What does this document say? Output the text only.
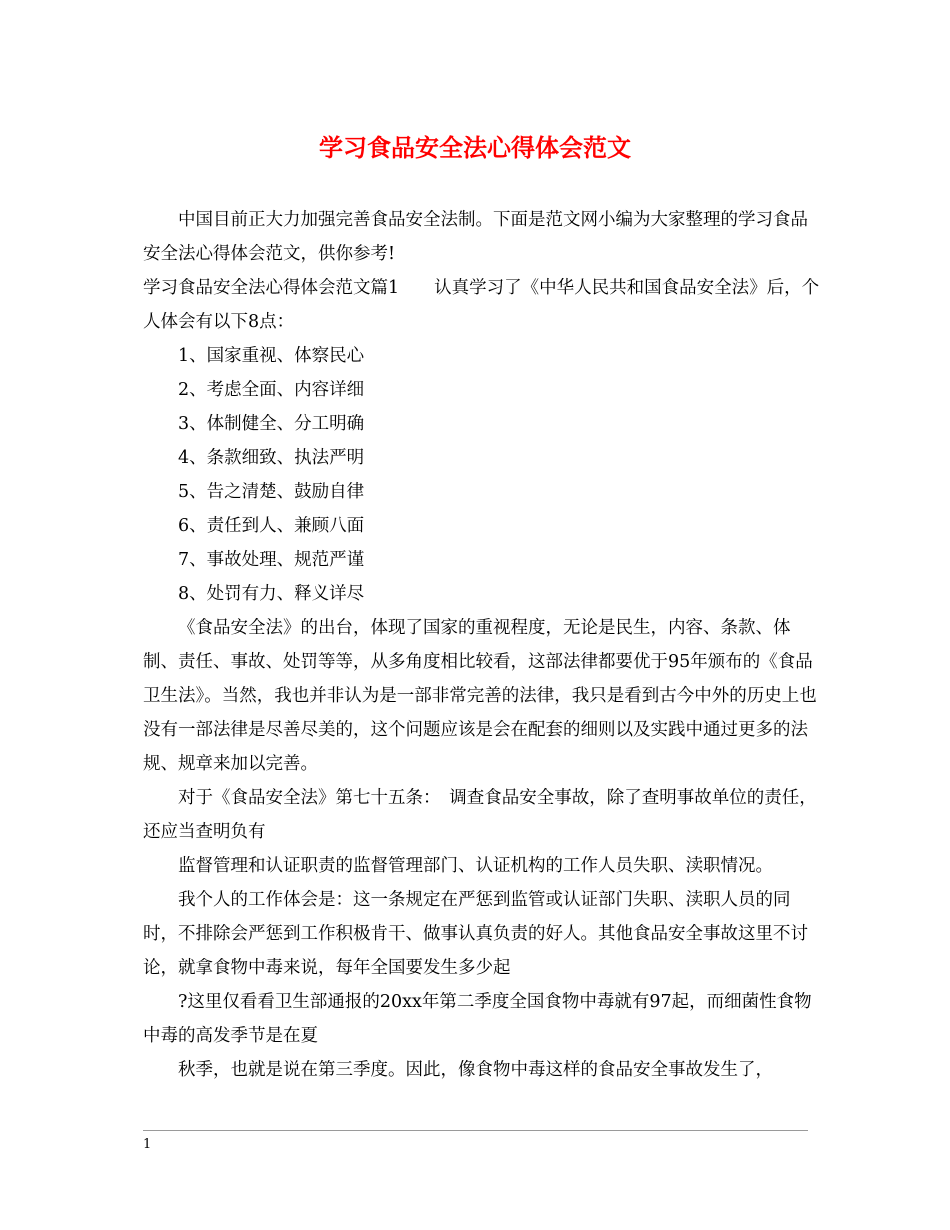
学习食品安全法心得体会范文

中国目前正大力加强完善食品安全法制。下面是范文网小编为大家整理的学习食品安全法心得体会范文，供你参考!

学习食品安全法心得体会范文篇1　　认真学习了《中华人民共和国食品安全法》后，个人体会有以下8点：

1、国家重视、体察民心
2、考虑全面、内容详细
3、体制健全、分工明确
4、条款细致、执法严明
5、告之清楚、鼓励自律
6、责任到人、兼顾八面
7、事故处理、规范严谨
8、处罚有力、释义详尽

《食品安全法》的出台，体现了国家的重视程度，无论是民生，内容、条款、体制、责任、事故、处罚等等，从多角度相比较看，这部法律都要优于95年颁布的《食品卫生法》。当然，我也并非认为是一部非常完善的法律，我只是看到古今中外的历史上也没有一部法律是尽善尽美的，这个问题应该是会在配套的细则以及实践中通过更多的法规、规章来加以完善。

对于《食品安全法》第七十五条：　调查食品安全事故，除了查明事故单位的责任，还应当查明负有

监督管理和认证职责的监督管理部门、认证机构的工作人员失职、渎职情况。

我个人的工作体会是：这一条规定在严惩到监管或认证部门失职、渎职人员的同时，不排除会严惩到工作积极肯干、做事认真负责的好人。其他食品安全事故这里不讨论，就拿食物中毒来说，每年全国要发生多少起

?这里仅看看卫生部通报的20xx年第二季度全国食物中毒就有97起，而细菌性食物中毒的高发季节是在夏

秋季，也就是说在第三季度。因此，像食物中毒这样的食品安全事故发生了，

1
